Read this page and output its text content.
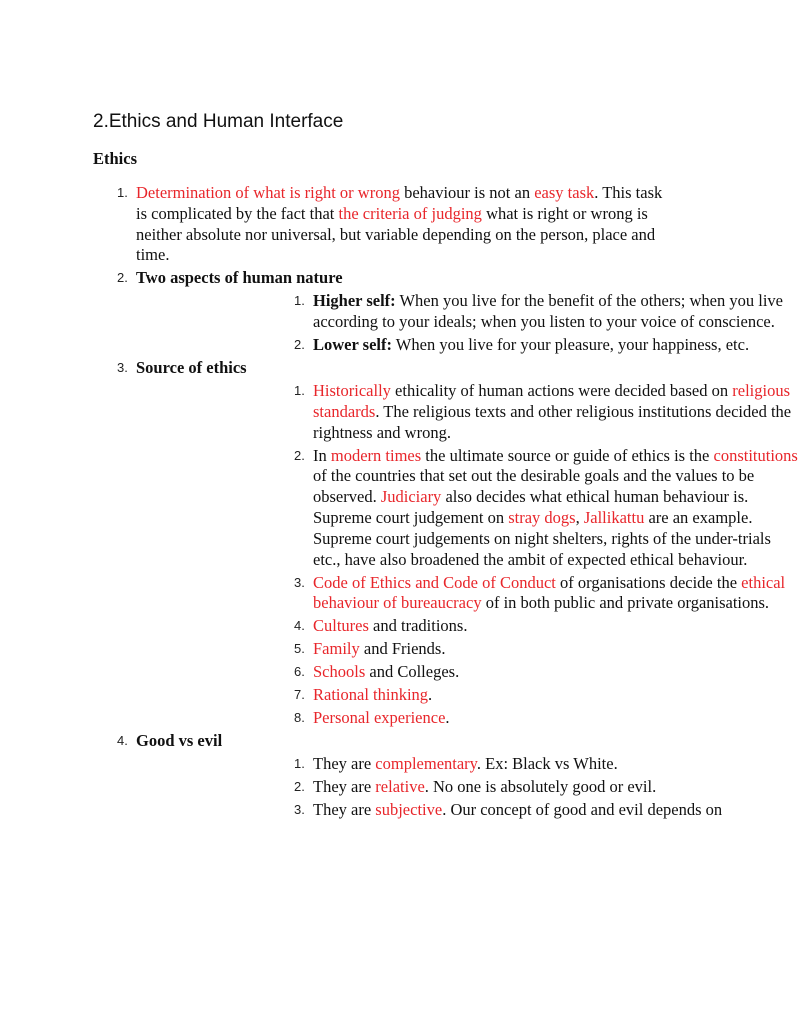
2.Ethics and Human Interface
Ethics
1. Determination of what is right or wrong behaviour is not an easy task. This task is complicated by the fact that the criteria of judging what is right or wrong is neither absolute nor universal, but variable depending on the person, place and time.
2. Two aspects of human nature
1. Higher self: When you live for the benefit of the others; when you live according to your ideals; when you listen to your voice of conscience.
2. Lower self: When you live for your pleasure, your happiness, etc.
3. Source of ethics
1. Historically ethicality of human actions were decided based on religious standards. The religious texts and other religious institutions decided the rightness and wrong.
2. In modern times the ultimate source or guide of ethics is the constitutions of the countries that set out the desirable goals and the values to be observed. Judiciary also decides what ethical human behaviour is. Supreme court judgement on stray dogs, Jallikattu are an example. Supreme court judgements on night shelters, rights of the under-trials etc., have also broadened the ambit of expected ethical behaviour.
3. Code of Ethics and Code of Conduct of organisations decide the ethical behaviour of bureaucracy of in both public and private organisations.
4. Cultures and traditions.
5. Family and Friends.
6. Schools and Colleges.
7. Rational thinking.
8. Personal experience.
4. Good vs evil
1. They are complementary. Ex: Black vs White.
2. They are relative. No one is absolutely good or evil.
3. They are subjective. Our concept of good and evil depends on
